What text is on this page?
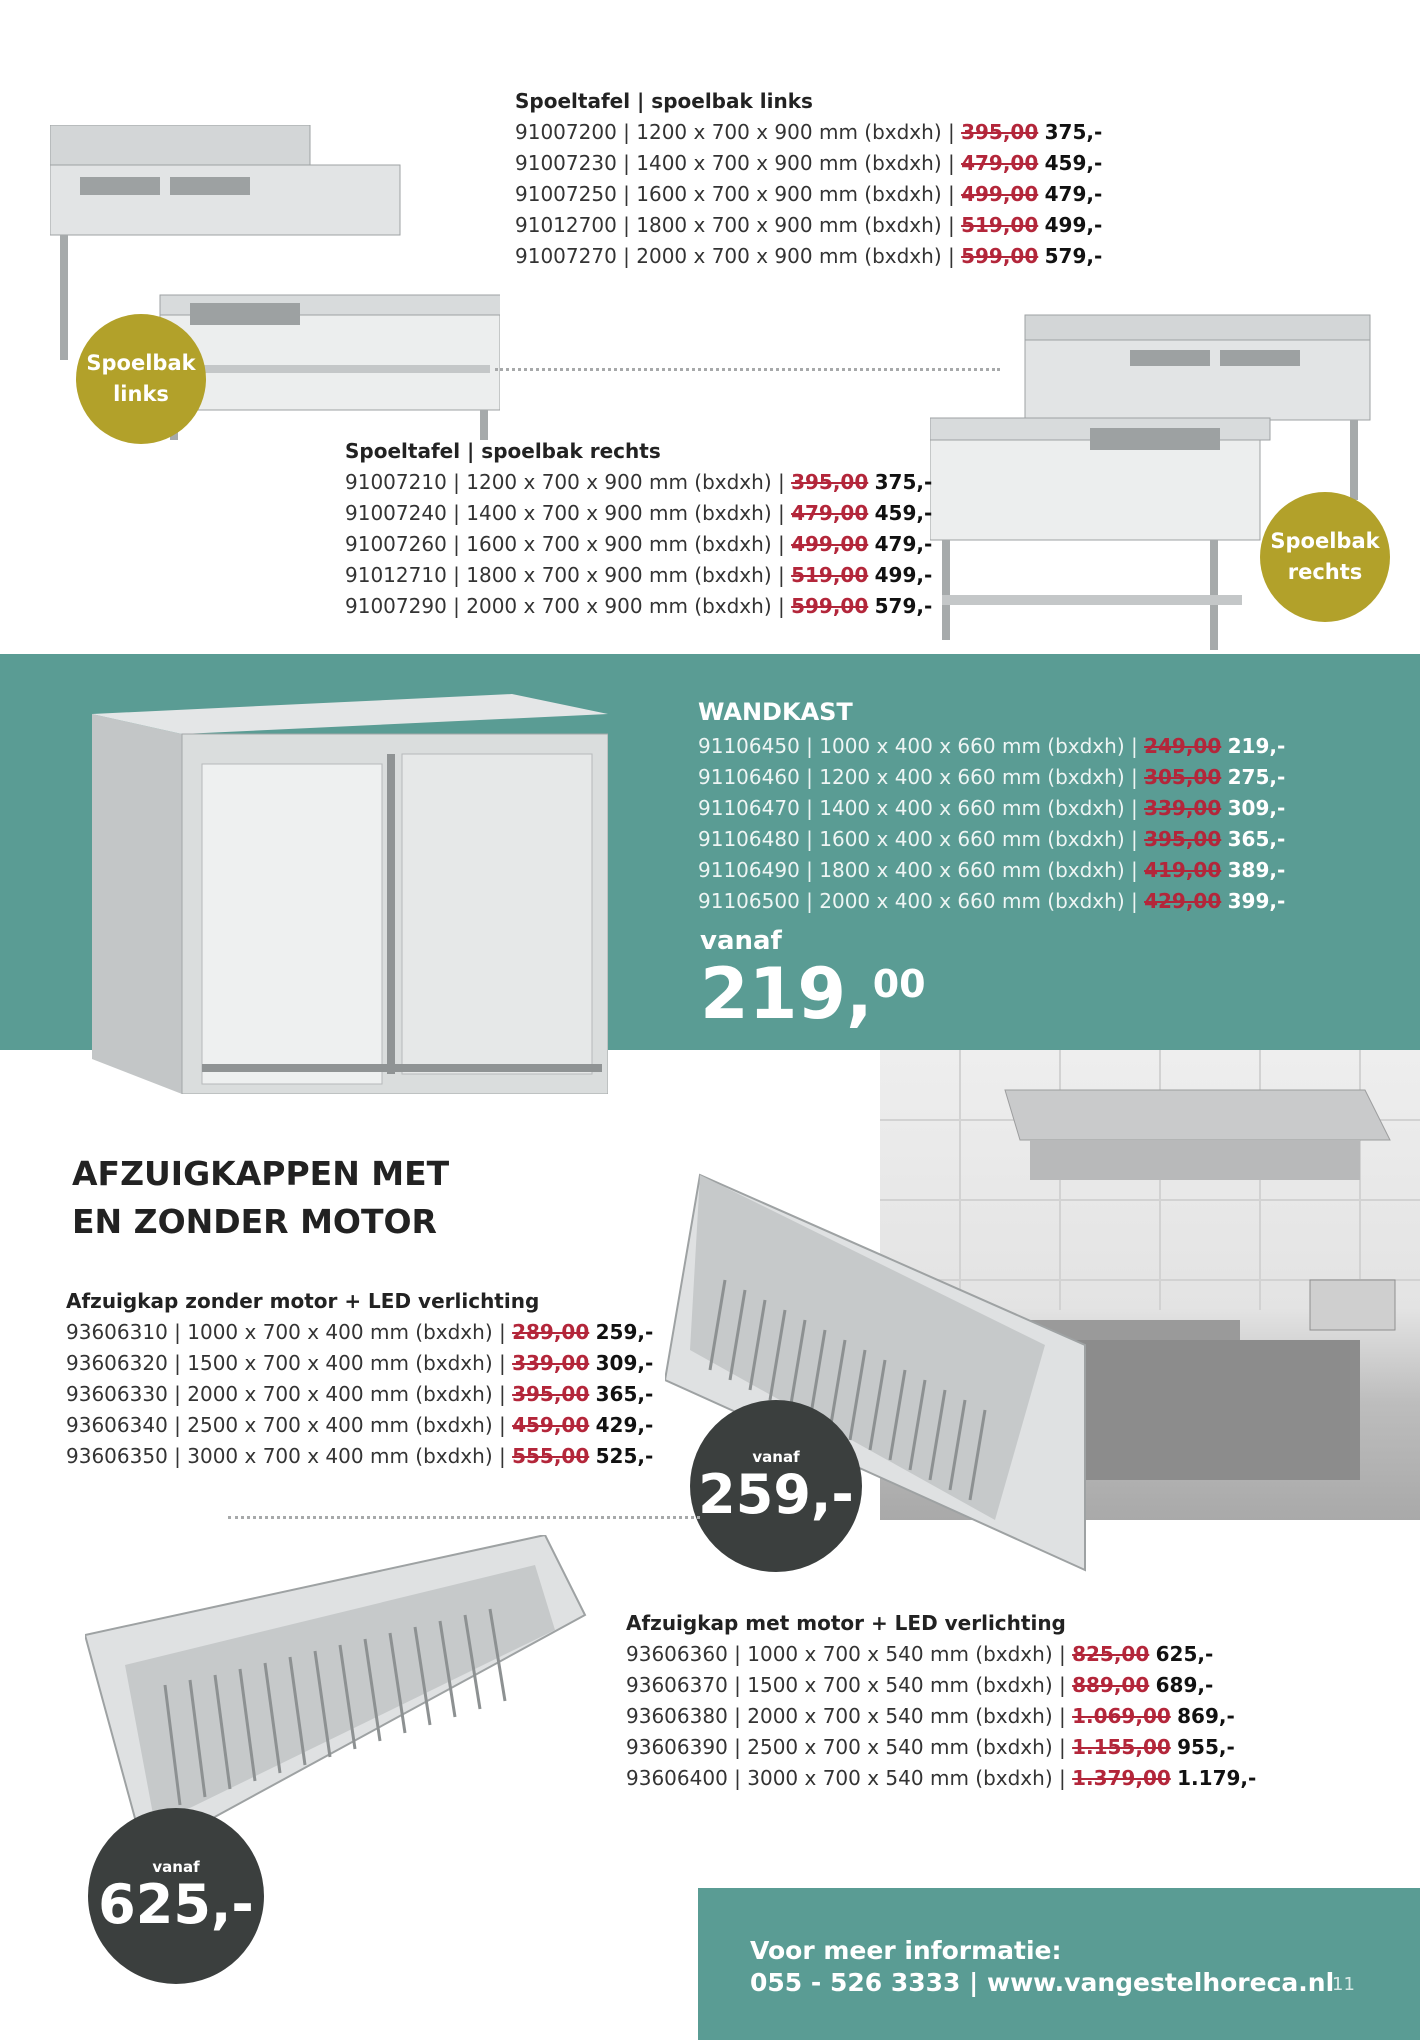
Spoeltafel | spoelbak links
91007200 | 1200 x 700 x 900 mm (bxdxh) | 395,00 375,-
91007230 | 1400 x 700 x 900 mm (bxdxh) | 479,00 459,-
91007250 | 1600 x 700 x 900 mm (bxdxh) | 499,00 479,-
91012700 | 1800 x 700 x 900 mm (bxdxh) | 519,00 499,-
91007270 | 2000 x 700 x 900 mm (bxdxh) | 599,00 579,-
Spoelbak
links
Spoeltafel | spoelbak rechts
91007210 | 1200 x 700 x 900 mm (bxdxh) | 395,00 375,-
91007240 | 1400 x 700 x 900 mm (bxdxh) | 479,00 459,-
91007260 | 1600 x 700 x 900 mm (bxdxh) | 499,00 479,-
91012710 | 1800 x 700 x 900 mm (bxdxh) | 519,00 499,-
91007290 | 2000 x 700 x 900 mm (bxdxh) | 599,00 579,-
Spoelbak
rechts
WANDKAST
91106450 | 1000 x 400 x 660 mm (bxdxh) | 249,00 219,-
91106460 | 1200 x 400 x 660 mm (bxdxh) | 305,00 275,-
91106470 | 1400 x 400 x 660 mm (bxdxh) | 339,00 309,-
91106480 | 1600 x 400 x 660 mm (bxdxh) | 395,00 365,-
91106490 | 1800 x 400 x 660 mm (bxdxh) | 419,00 389,-
91106500 | 2000 x 400 x 660 mm (bxdxh) | 429,00 399,-
vanaf
219,00
AFZUIGKAPPEN MET
EN ZONDER MOTOR
Afzuigkap zonder motor + LED verlichting
93606310 | 1000 x 700 x 400 mm (bxdxh) | 289,00 259,-
93606320 | 1500 x 700 x 400 mm (bxdxh) | 339,00 309,-
93606330 | 2000 x 700 x 400 mm (bxdxh) | 395,00 365,-
93606340 | 2500 x 700 x 400 mm (bxdxh) | 459,00 429,-
93606350 | 3000 x 700 x 400 mm (bxdxh) | 555,00 525,-	vanaf
259,-
vanaf
625,-
Afzuigkap met motor + LED verlichting
93606360 | 1000 x 700 x 540 mm (bxdxh) | 825,00 625,-
93606370 | 1500 x 700 x 540 mm (bxdxh) | 889,00 689,-
93606380 | 2000 x 700 x 540 mm (bxdxh) | 1.069,00 869,-
93606390 | 2500 x 700 x 540 mm (bxdxh) | 1.155,00 955,-
93606400 | 3000 x 700 x 540 mm (bxdxh) | 1.379,00 1.179,-
Voor meer informatie:
055 - 526 3333 | www.vangestelhoreca.nl
11
